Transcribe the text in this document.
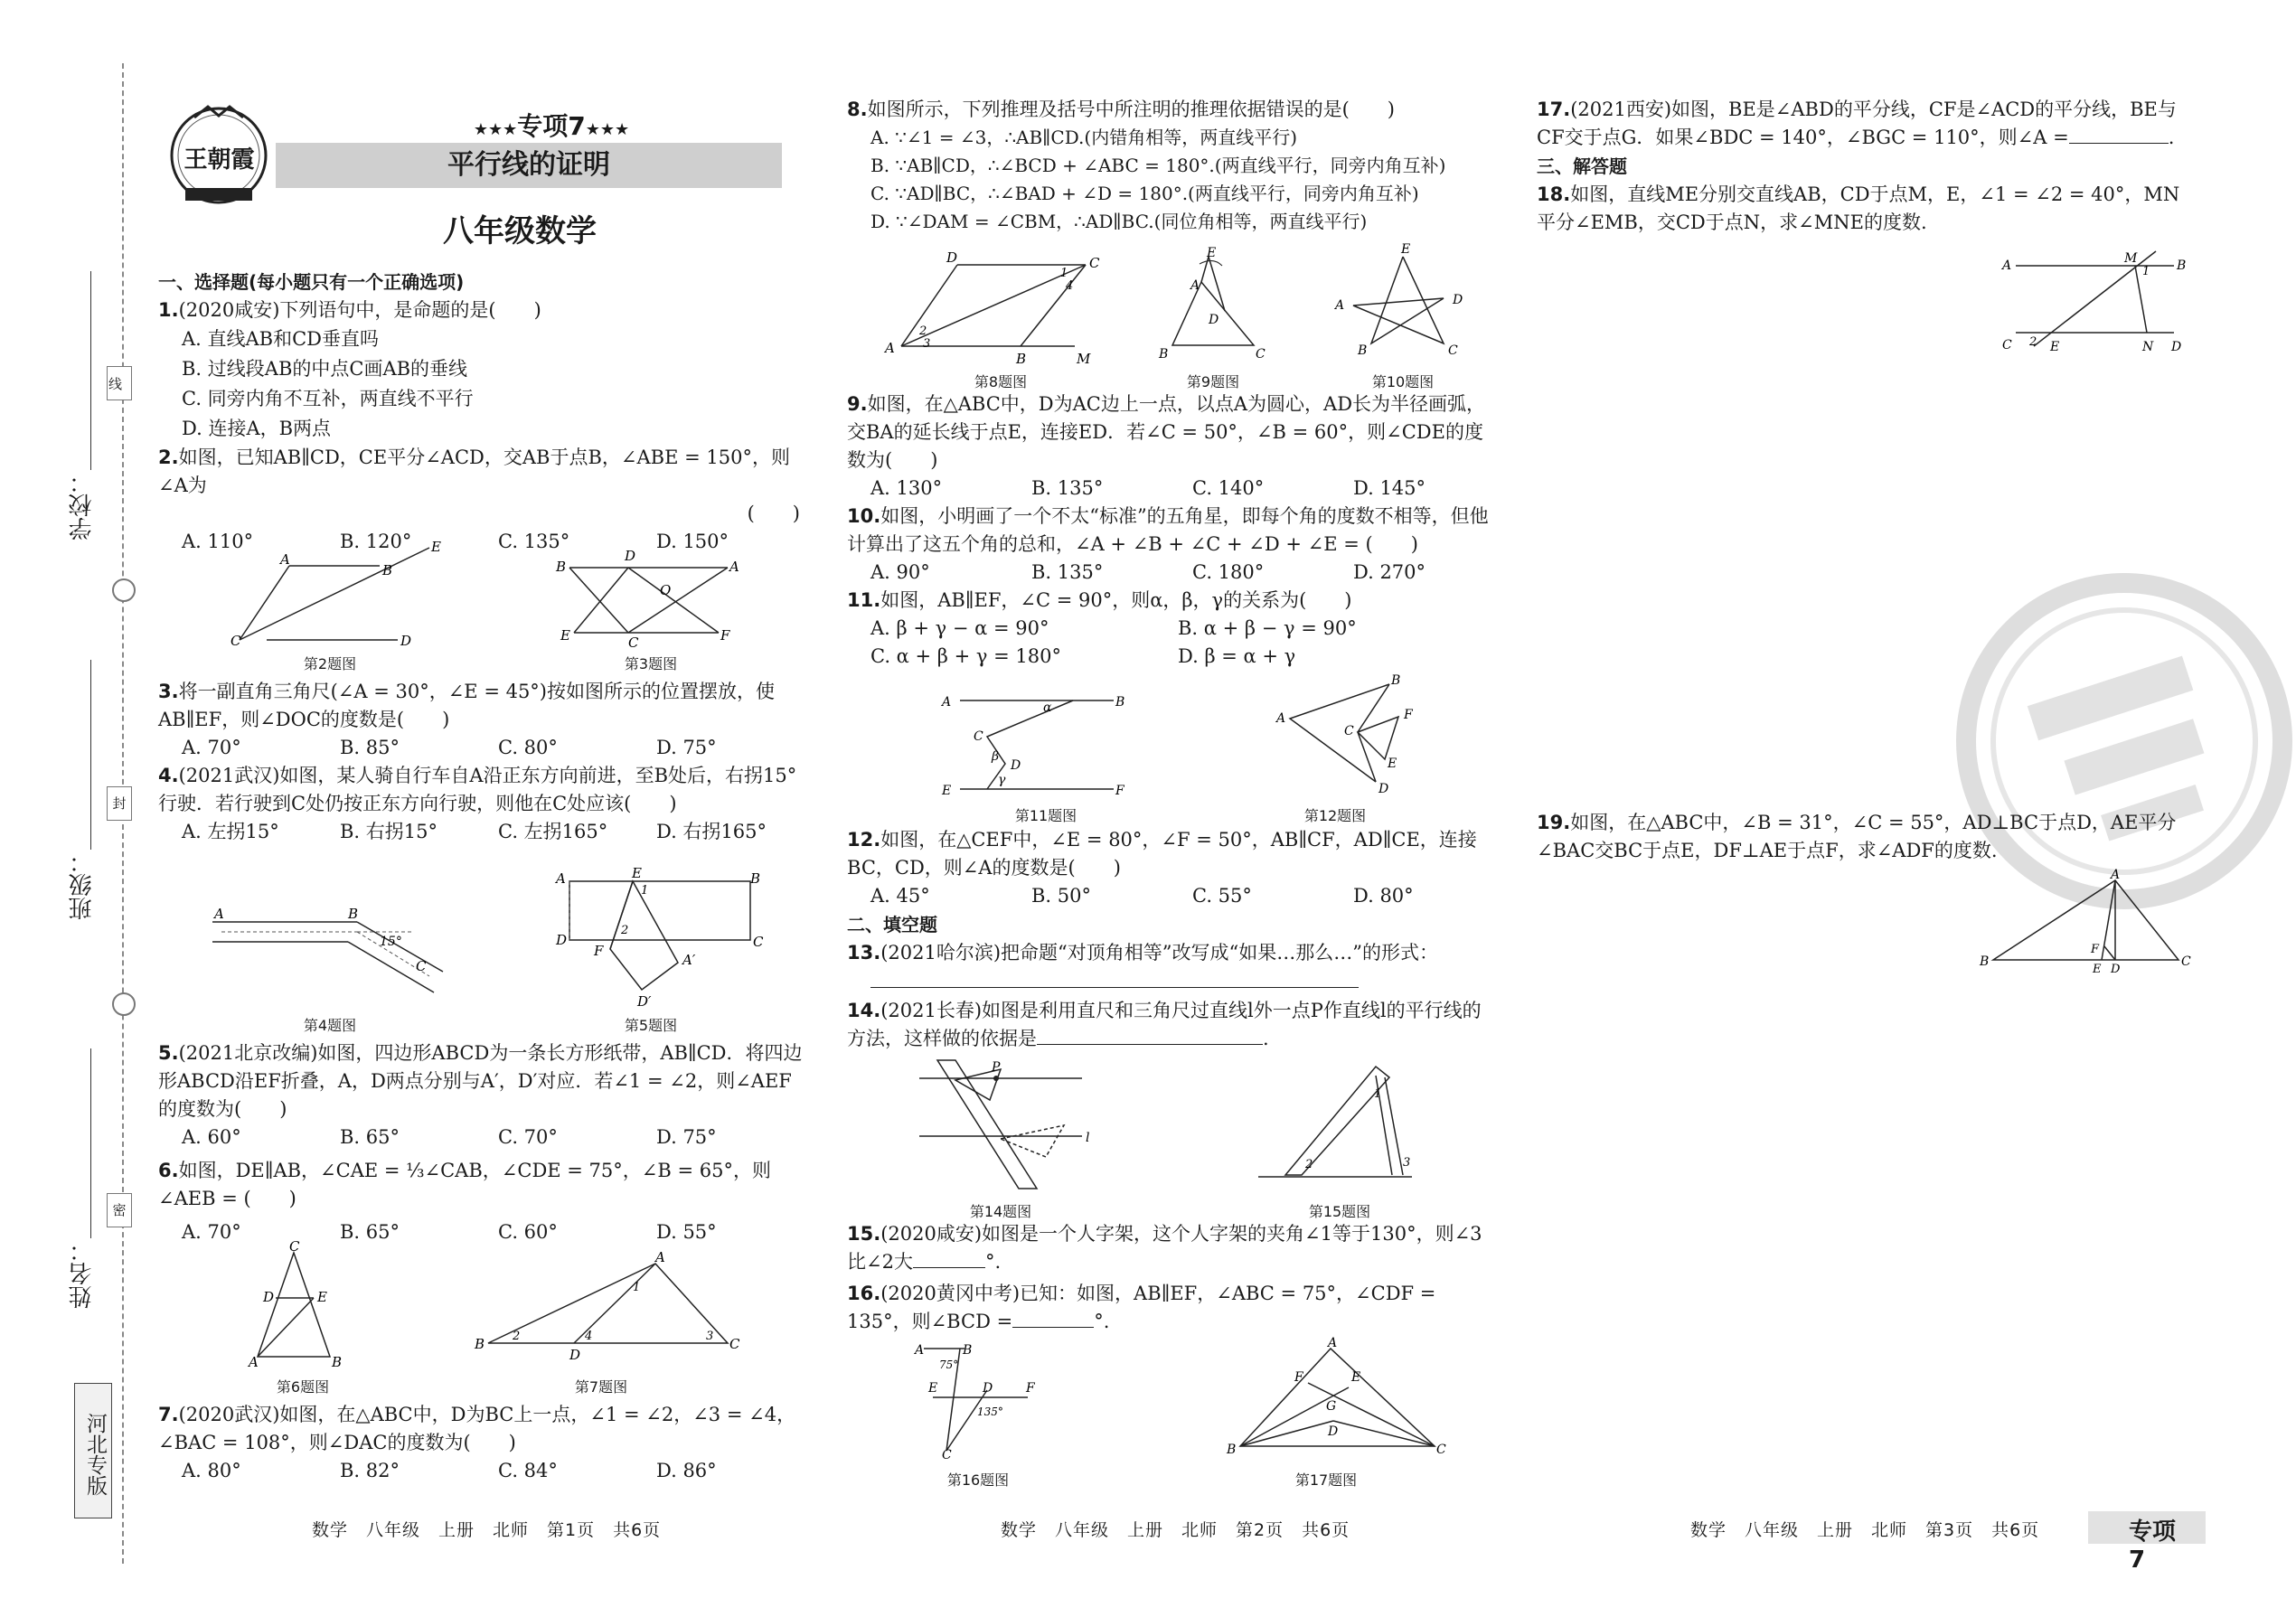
学校：
班级：
姓名：
线
封
密
河北专版
王朝霞
★★★专项7★★★
平行线的证明
八年级数学
一、选择题(每小题只有一个正确选项)

1.(2020咸安)下列语句中，是命题的是(　　)

A. 直线AB和CD垂直吗
B. 过线段AB的中点C画AB的垂线
C. 同旁内角不互补，两直线不平行
D. 连接A，B两点

2.如图，已知AB∥CD，CE平分∠ACD，交AB于点B，∠ABE = 150°，则∠A为

(　　)
A. 110°	B. 120°	C. 135°	D. 150°
A
B
C	D
E
第2题图
B
D
A
E	C	F
O
第3题图

3.将一副直角三角尺(∠A = 30°，∠E = 45°)按如图所示的位置摆放，使AB∥EF，则∠DOC的度数是(　　)

A. 70°	B. 85°	C. 80°	D. 75°

4.(2021武汉)如图，某人骑自行车自A沿正东方向前进，至B处后，右拐15°行驶．若行驶到C处仍按正东方向行驶，则他在C处应该(　　)

A. 左拐15°	B. 右拐15°	C. 左拐165°	D. 右拐165°
A	B
C
15°
第4题图
A	E	B
D
F
A′
D′
C
1
2
第5题图

5.(2021北京改编)如图，四边形ABCD为一条长方形纸带，AB∥CD．将四边形ABCD沿EF折叠，A，D两点分别与A′，D′对应．若∠1 = ∠2，则∠AEF的度数为(　　)

A. 60°	B. 65°	C. 70°	D. 75°

6.如图，DE∥AB，∠CAE = ⅓∠CAB，∠CDE = 75°，∠B = 65°，则∠AEB = (　　)

A. 70°	B. 65°	C. 60°	D. 55°
C
D	E
A	B
第6题图
A
B
D
C
1
2	4	3
第7题图

7.(2020武汉)如图，在△ABC中，D为BC上一点，∠1 = ∠2，∠3 = ∠4，∠BAC = 108°，则∠DAC的度数为(　　)

A. 80°	B. 82°	C. 84°	D. 86°
数学　八年级　上册　北师　第1页　共6页

8.如图所示，下列推理及括号中所注明的推理依据错误的是(　　)

A. ∵∠1 = ∠3，∴AB∥CD.(内错角相等，两直线平行)
B. ∵AB∥CD，∴∠BCD + ∠ABC = 180°.(两直线平行，同旁内角互补)
C. ∵AD∥BC，∴∠BAD + ∠D = 180°.(两直线平行，同旁内角互补)
D. ∵∠DAM = ∠CBM，∴AD∥BC.(同位角相等，两直线平行)
D	C
A
B	M
1
4
2
3
第8题图
E
A
D
B	C
第9题图
E
A	D
B	C
第10题图

9.如图，在△ABC中，D为AC边上一点，以点A为圆心，AD长为半径画弧，交BA的延长线于点E，连接ED．若∠C = 50°，∠B = 60°，则∠CDE的度数为(　　)

A. 130°	B. 135°	C. 140°	D. 145°

10.如图，小明画了一个不太“标准”的五角星，即每个角的度数不相等，但他计算出了这五个角的总和，∠A + ∠B + ∠C + ∠D + ∠E = (　　)

A. 90°	B. 135°	C. 180°	D. 270°

11.如图，AB∥EF，∠C = 90°，则α，β，γ的关系为(　　)

A. β + γ − α = 90°	B. α + β − γ = 90°
C. α + β + γ = 180°	D. β = α + γ
A	B
E	F
C
D
α
β
γ
第11题图
B
A	F
C
E
D
第12题图

12.如图，在△CEF中，∠E = 80°，∠F = 50°，AB∥CF，AD∥CE，连接BC，CD，则∠A的度数是(　　)

A. 45°	B. 50°	C. 55°	D. 80°
二、填空题

13.(2021哈尔滨)把命题“对顶角相等”改写成“如果…那么…”的形式：

14.(2021长春)如图是利用直尺和三角尺过直线l外一点P作直线l的平行线的方法，这样做的依据是	.

P
l
第14题图
1
2	3
第15题图

15.(2020咸安)如图是一个人字架，这个人字架的夹角∠1等于130°，则∠3比∠2大	°.

16.(2020黄冈中考)已知：如图，AB∥EF，∠ABC = 75°，∠CDF = 135°，则∠BCD =	°.

A	B
E	D	F
C
75°
135°
第16题图
A
F	E
G
D
B	C
第17题图
数学　八年级　上册　北师　第2页　共6页

17.(2021西安)如图，BE是∠ABD的平分线，CF是∠ACD的平分线，BE与CF交于点G．如果∠BDC = 140°，∠BGC = 110°，则∠A =	.

三、解答题

18.如图，直线ME分别交直线AB，CD于点M，E，∠1 = ∠2 = 40°，MN平分∠EMB，交CD于点N，求∠MNE的度数.

A	M	B
C	E	N D
1
2

19.如图，在△ABC中，∠B = 31°，∠C = 55°，AD⊥BC于点D，AE平分∠BAC交BC于点E，DF⊥AE于点F，求∠ADF的度数.

A
B	C
E D
F
数学　八年级　上册　北师　第3页　共6页	专项7
